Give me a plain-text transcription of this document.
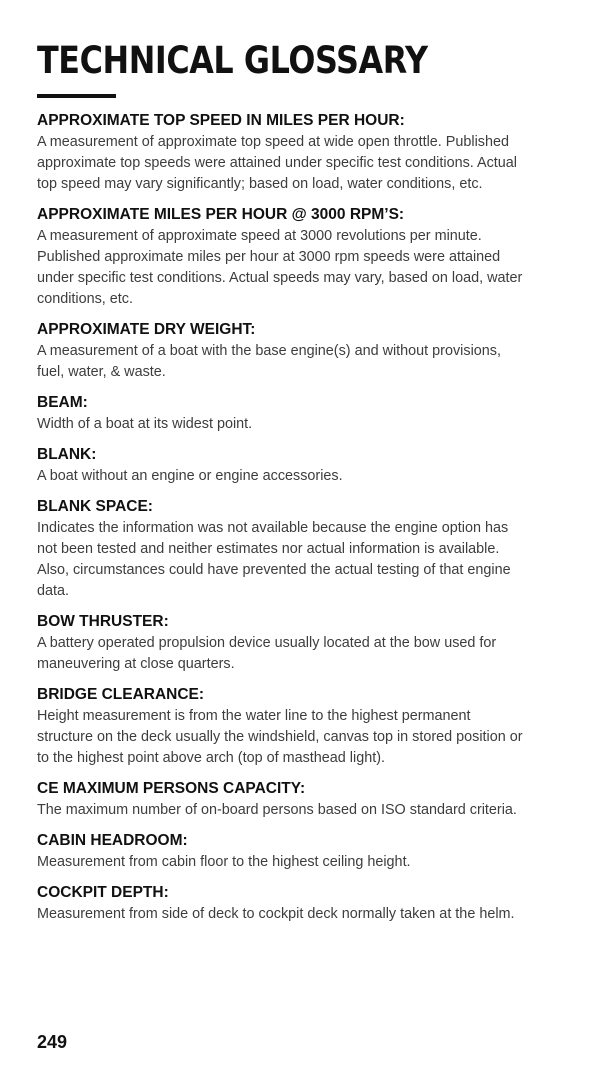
TECHNICAL GLOSSARY
APPROXIMATE TOP SPEED IN MILES PER HOUR:
A measurement of approximate top speed at wide open throttle. Published approximate top speeds were attained under specific test conditions. Actual top speed may vary significantly; based on load, water conditions, etc.
APPROXIMATE MILES PER HOUR @ 3000 RPM’S:
A measurement of approximate speed at 3000 revolutions per minute. Published approximate miles per hour at 3000 rpm speeds were attained under specific test conditions. Actual speeds may vary, based on load, water conditions, etc.
APPROXIMATE DRY WEIGHT:
A measurement of a boat with the base engine(s) and without provisions, fuel, water, & waste.
BEAM:
Width of a boat at its widest point.
BLANK:
A boat without an engine or engine accessories.
BLANK SPACE:
Indicates the information was not available because the engine option has not been tested and neither estimates nor actual information is available. Also, circumstances could have prevented the actual testing of that engine data.
BOW THRUSTER:
A battery operated propulsion device usually located at the bow used for maneuvering at close quarters.
BRIDGE CLEARANCE:
Height measurement is from the water line to the highest permanent structure on the deck usually the windshield, canvas top in stored position or to the highest point above arch (top of masthead light).
CE MAXIMUM PERSONS CAPACITY:
The maximum number of on-board persons based on ISO standard criteria.
CABIN HEADROOM:
Measurement from cabin floor to the highest ceiling height.
COCKPIT DEPTH:
Measurement from side of deck to cockpit deck normally taken at the helm.
249
